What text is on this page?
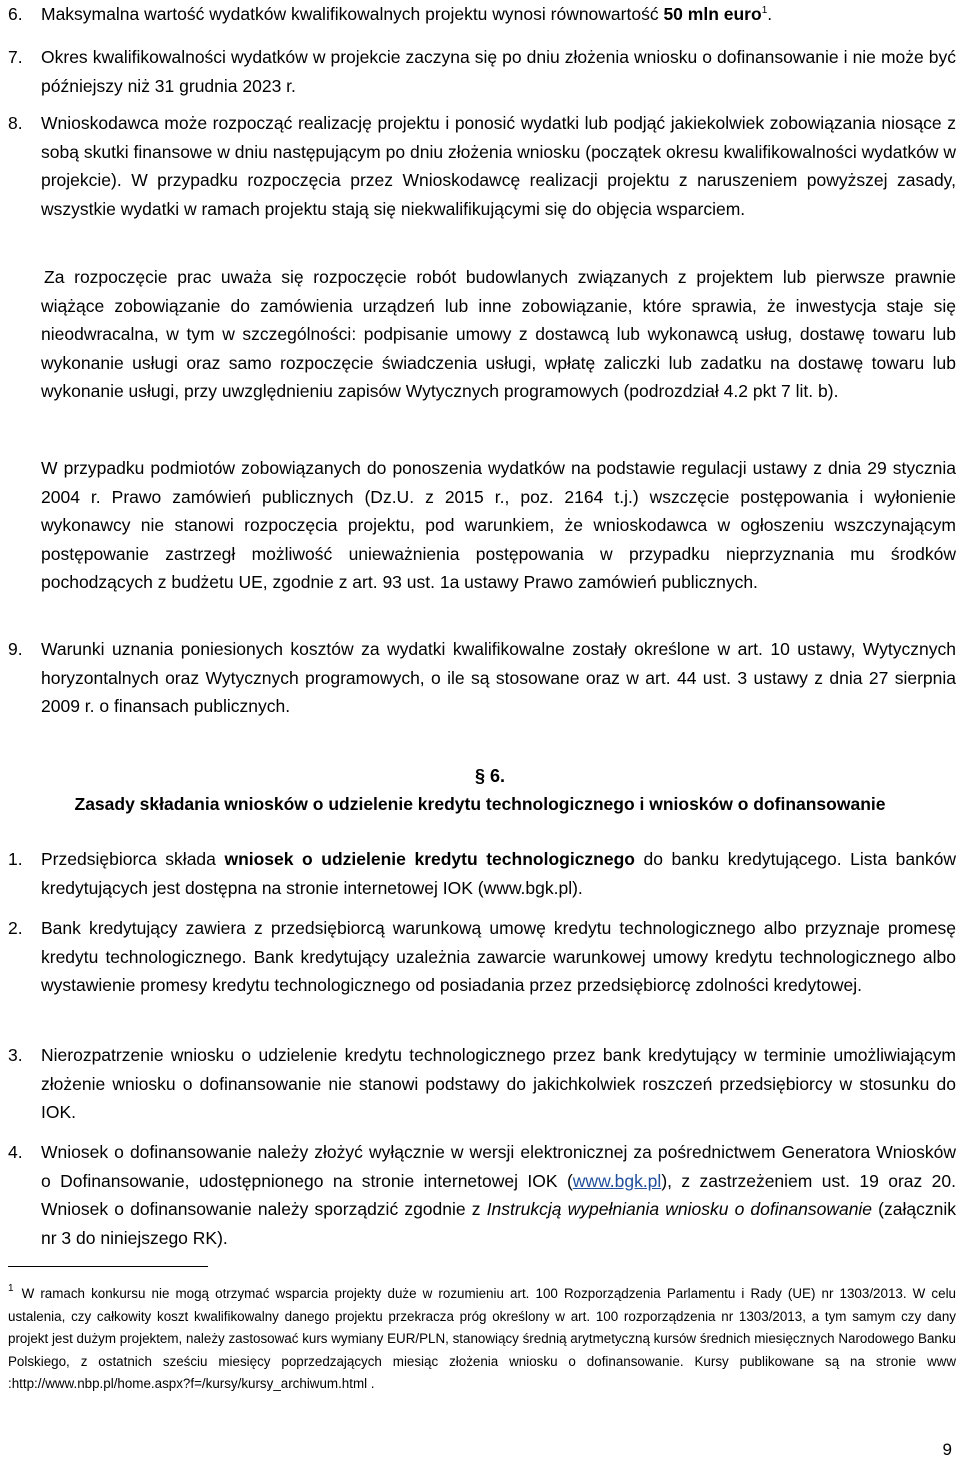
6. Maksymalna wartość wydatków kwalifikowalnych projektu wynosi równowartość 50 mln euro$^1$.
7. Okres kwalifikowalności wydatków w projekcie zaczyna się po dniu złożenia wniosku o dofinansowanie i nie może być późniejszy niż 31 grudnia 2023 r.
8. Wnioskodawca może rozpocząć realizację projektu i ponosić wydatki lub podjąć jakiekolwiek zobowiązania niosące z sobą skutki finansowe w dniu następującym po dniu złożenia wniosku (początek okresu kwalifikowalności wydatków w projekcie). W przypadku rozpoczęcia przez Wnioskodawcę realizacji projektu z naruszeniem powyższej zasady, wszystkie wydatki w ramach projektu stają się niekwalifikującymi się do objęcia wsparciem.
Za rozpoczęcie prac uważa się rozpoczęcie robót budowlanych związanych z projektem lub pierwsze prawnie wiążące zobowiązanie do zamówienia urządzeń lub inne zobowiązanie, które sprawia, że inwestycja staje się nieodwracalna, w tym w szczególności: podpisanie umowy z dostawcą lub wykonawcą usług, dostawę towaru lub wykonanie usługi oraz samo rozpoczęcie świadczenia usługi, wpłatę zaliczki lub zadatku na dostawę towaru lub wykonanie usługi, przy uwzględnieniu zapisów Wytycznych programowych (podrozdział 4.2 pkt 7 lit. b).
W przypadku podmiotów zobowiązanych do ponoszenia wydatków na podstawie regulacji ustawy z dnia 29 stycznia 2004 r. Prawo zamówień publicznych (Dz.U. z 2015 r., poz. 2164 t.j.) wszczęcie postępowania i wyłonienie wykonawcy nie stanowi rozpoczęcia projektu, pod warunkiem, że wnioskodawca w ogłoszeniu wszczynającym postępowanie zastrzegł możliwość unieważnienia postępowania w przypadku nieprzyznania mu środków pochodzących z budżetu UE, zgodnie z art. 93 ust. 1a ustawy Prawo zamówień publicznych.
9. Warunki uznania poniesionych kosztów za wydatki kwalifikowalne zostały określone w art. 10 ustawy, Wytycznych horyzontalnych oraz Wytycznych programowych, o ile są stosowane oraz w art. 44 ust. 3 ustawy z dnia 27 sierpnia 2009 r. o finansach publicznych.
§ 6.
Zasady składania wniosków o udzielenie kredytu technologicznego i wniosków o dofinansowanie
1. Przedsiębiorca składa wniosek o udzielenie kredytu technologicznego do banku kredytującego. Lista banków kredytujących jest dostępna na stronie internetowej IOK (www.bgk.pl).
2. Bank kredytujący zawiera z przedsiębiorcą warunkową umowę kredytu technologicznego albo przyznaje promesę kredytu technologicznego. Bank kredytujący uzależnia zawarcie warunkowej umowy kredytu technologicznego albo wystawienie promesy kredytu technologicznego od posiadania przez przedsiębiorcę zdolności kredytowej.
3. Nierozpatrzenie wniosku o udzielenie kredytu technologicznego przez bank kredytujący w terminie umożliwiającym złożenie wniosku o dofinansowanie nie stanowi podstawy do jakichkolwiek roszczeń przedsiębiorcy w stosunku do IOK.
4. Wniosek o dofinansowanie należy złożyć wyłącznie w wersji elektronicznej za pośrednictwem Generatora Wniosków o Dofinansowanie, udostępnionego na stronie internetowej IOK (www.bgk.pl), z zastrzeżeniem ust. 19 oraz 20. Wniosek o dofinansowanie należy sporządzić zgodnie z Instrukcją wypełniania wniosku o dofinansowanie (załącznik nr 3 do niniejszego RK).
$^1$ W ramach konkursu nie mogą otrzymać wsparcia projekty duże w rozumieniu art. 100 Rozporządzenia Parlamentu i Rady (UE) nr 1303/2013. W celu ustalenia, czy całkowity koszt kwalifikowalny danego projektu przekracza próg określony w art. 100 rozporządzenia nr 1303/2013, a tym samym czy dany projekt jest dużym projektem, należy zastosować kurs wymiany EUR/PLN, stanowiący średnią arytmetyczną kursów średnich miesięcznych Narodowego Banku Polskiego, z ostatnich sześciu miesięcy poprzedzających miesiąc złożenia wniosku o dofinansowanie. Kursy publikowane są na stronie www :http://www.nbp.pl/home.aspx?f=/kursy/kursy_archiwum.html .
9
